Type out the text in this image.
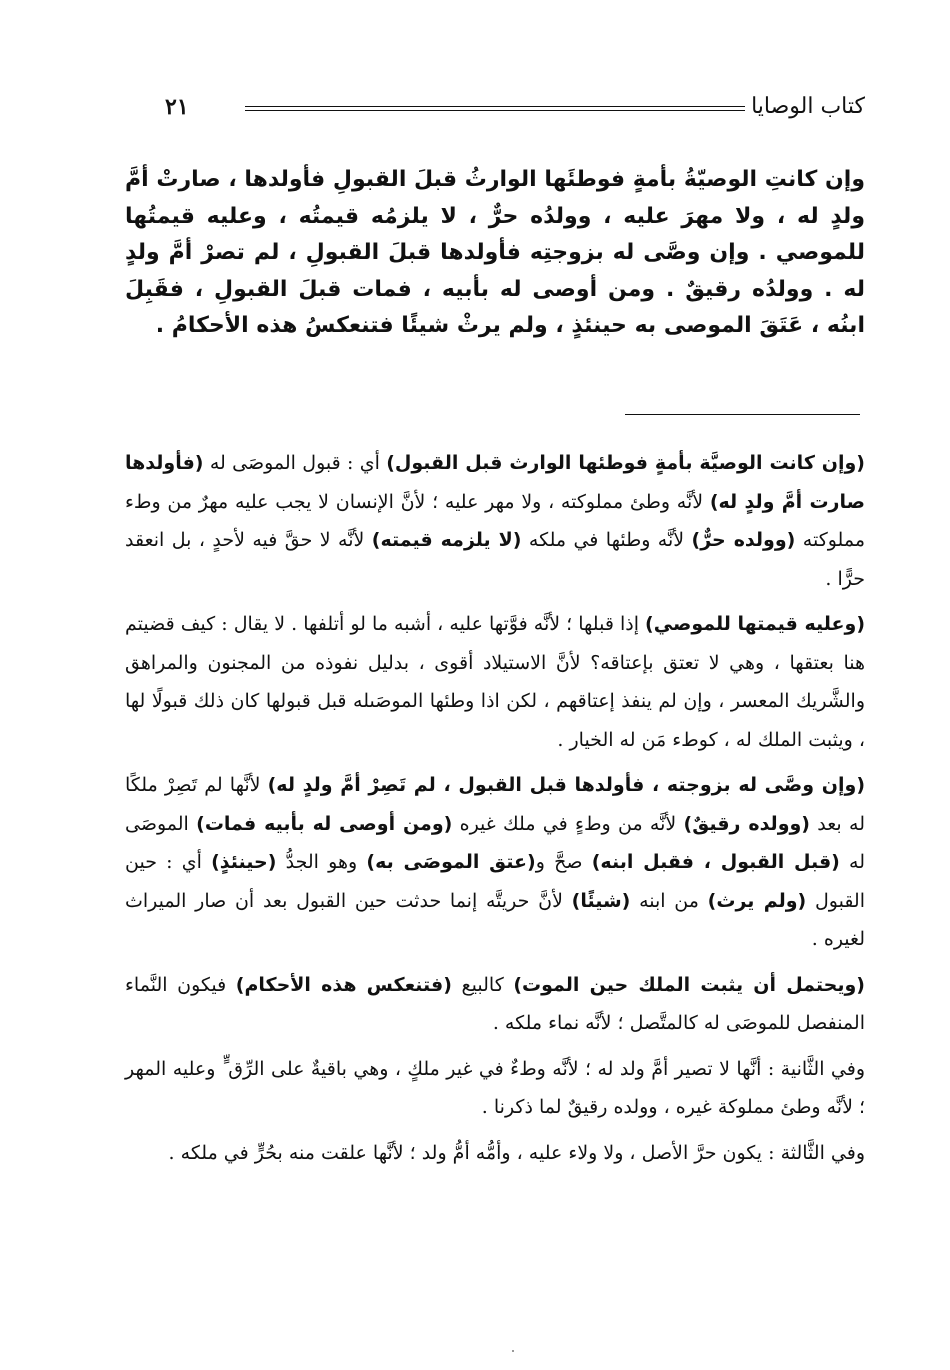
كتاب الوصايا
٢١
وإن كانتِ الوصيّةُ بأمةٍ فوطئَها الوارثُ قبلَ القبولِ فأولدها ، صارتْ أمَّ ولدٍ له ، ولا مهرَ عليه ، وولدُه حرٌّ ، لا يلزمُه قيمتُه ، وعليه قيمتُها للموصي . وإن وصَّى له بزوجتِه فأولدها قبلَ القبولِ ، لم تصرْ أمَّ ولدٍ له . وولدُه رقيقٌ . ومن أوصى له بأبيه ، فمات قبلَ القبولِ ، فقَبِلَ ابنُه ، عَتَقَ الموصى به حينئذٍ ، ولم يرثْ شيئًا فتنعكسُ هذه الأحكامُ .

(وإن كانت الوصيَّة بأمةٍ فوطئها الوارث قبل القبول) أي : قبول الموصَى له (فأولدها صارت أمَّ ولدٍ له) لأنَّه وطئ مملوكته ، ولا مهر عليه ؛ لأنَّ الإنسان لا يجب عليه مهرٌ من وطء مملوكته (وولده حرٌّ) لأنَّه وطئها في ملكه (لا يلزمه قيمته) لأنَّه لا حقَّ فيه لأحدٍ ، بل انعقد حرًّا .

(وعليه قيمتها للموصي) إذا قبلها ؛ لأنَّه فوَّتها عليه ، أشبه ما لو أتلفها . لا يقال : كيف قضيتم هنا بعتقها ، وهي لا تعتق بإعتاقه؟ لأنَّ الاستيلاد أقوى ، بدليل نفوذه من المجنون والمراهق والشَّريك المعسر ، وإن لم ينفذ إعتاقهم ، لكن اذا وطئها الموصَىله قبل قبولها كان ذلك قبولًا لها ، ويثبت الملك له ، كوطء مَن له الخيار .

(وإن وصَّى له بزوجته ، فأولدها قبل القبول ، لم تَصِرْ أمَّ ولدٍ له) لأنَّها لم تَصِرْ ملكًا له بعد (وولده رقيقٌ) لأنَّه من وطءٍ في ملك غيره (ومن أوصى له بأبيه فمات) الموصَى له (قبل القبول ، فقبل ابنه) صحَّ و(عتق الموصَى به) وهو الجدُّ (حينئذٍ) أي : حين القبول (ولم يرث) من ابنه (شيئًا) لأنَّ حريتَّه إنما حدثت حين القبول بعد أن صار الميراث لغيره .

(ويحتمل أن يثبت الملك حين الموت) كالبيع (فتنعكس هذه الأحكام) فيكون النَّماء المنفصل للموصَى له كالمتَّصل ؛ لأنَّه نماء ملكه .

وفي الثَّانية : أنَّها لا تصير أمَّ ولد له ؛ لأنَّه وطءٌ في غير ملكٍ ، وهي باقيةٌ على الرِّق ٍّ وعليه المهر ؛ لأنَّه وطئ مملوكة غيره ، وولده رقيقٌ لما ذكرنا .

وفي الثَّالثة : يكون حرَّ الأصل ، ولا ولاء عليه ، وأمُّه أمُّ ولد ؛ لأنَّها علقت منه بحُرٍّ في ملكه .
